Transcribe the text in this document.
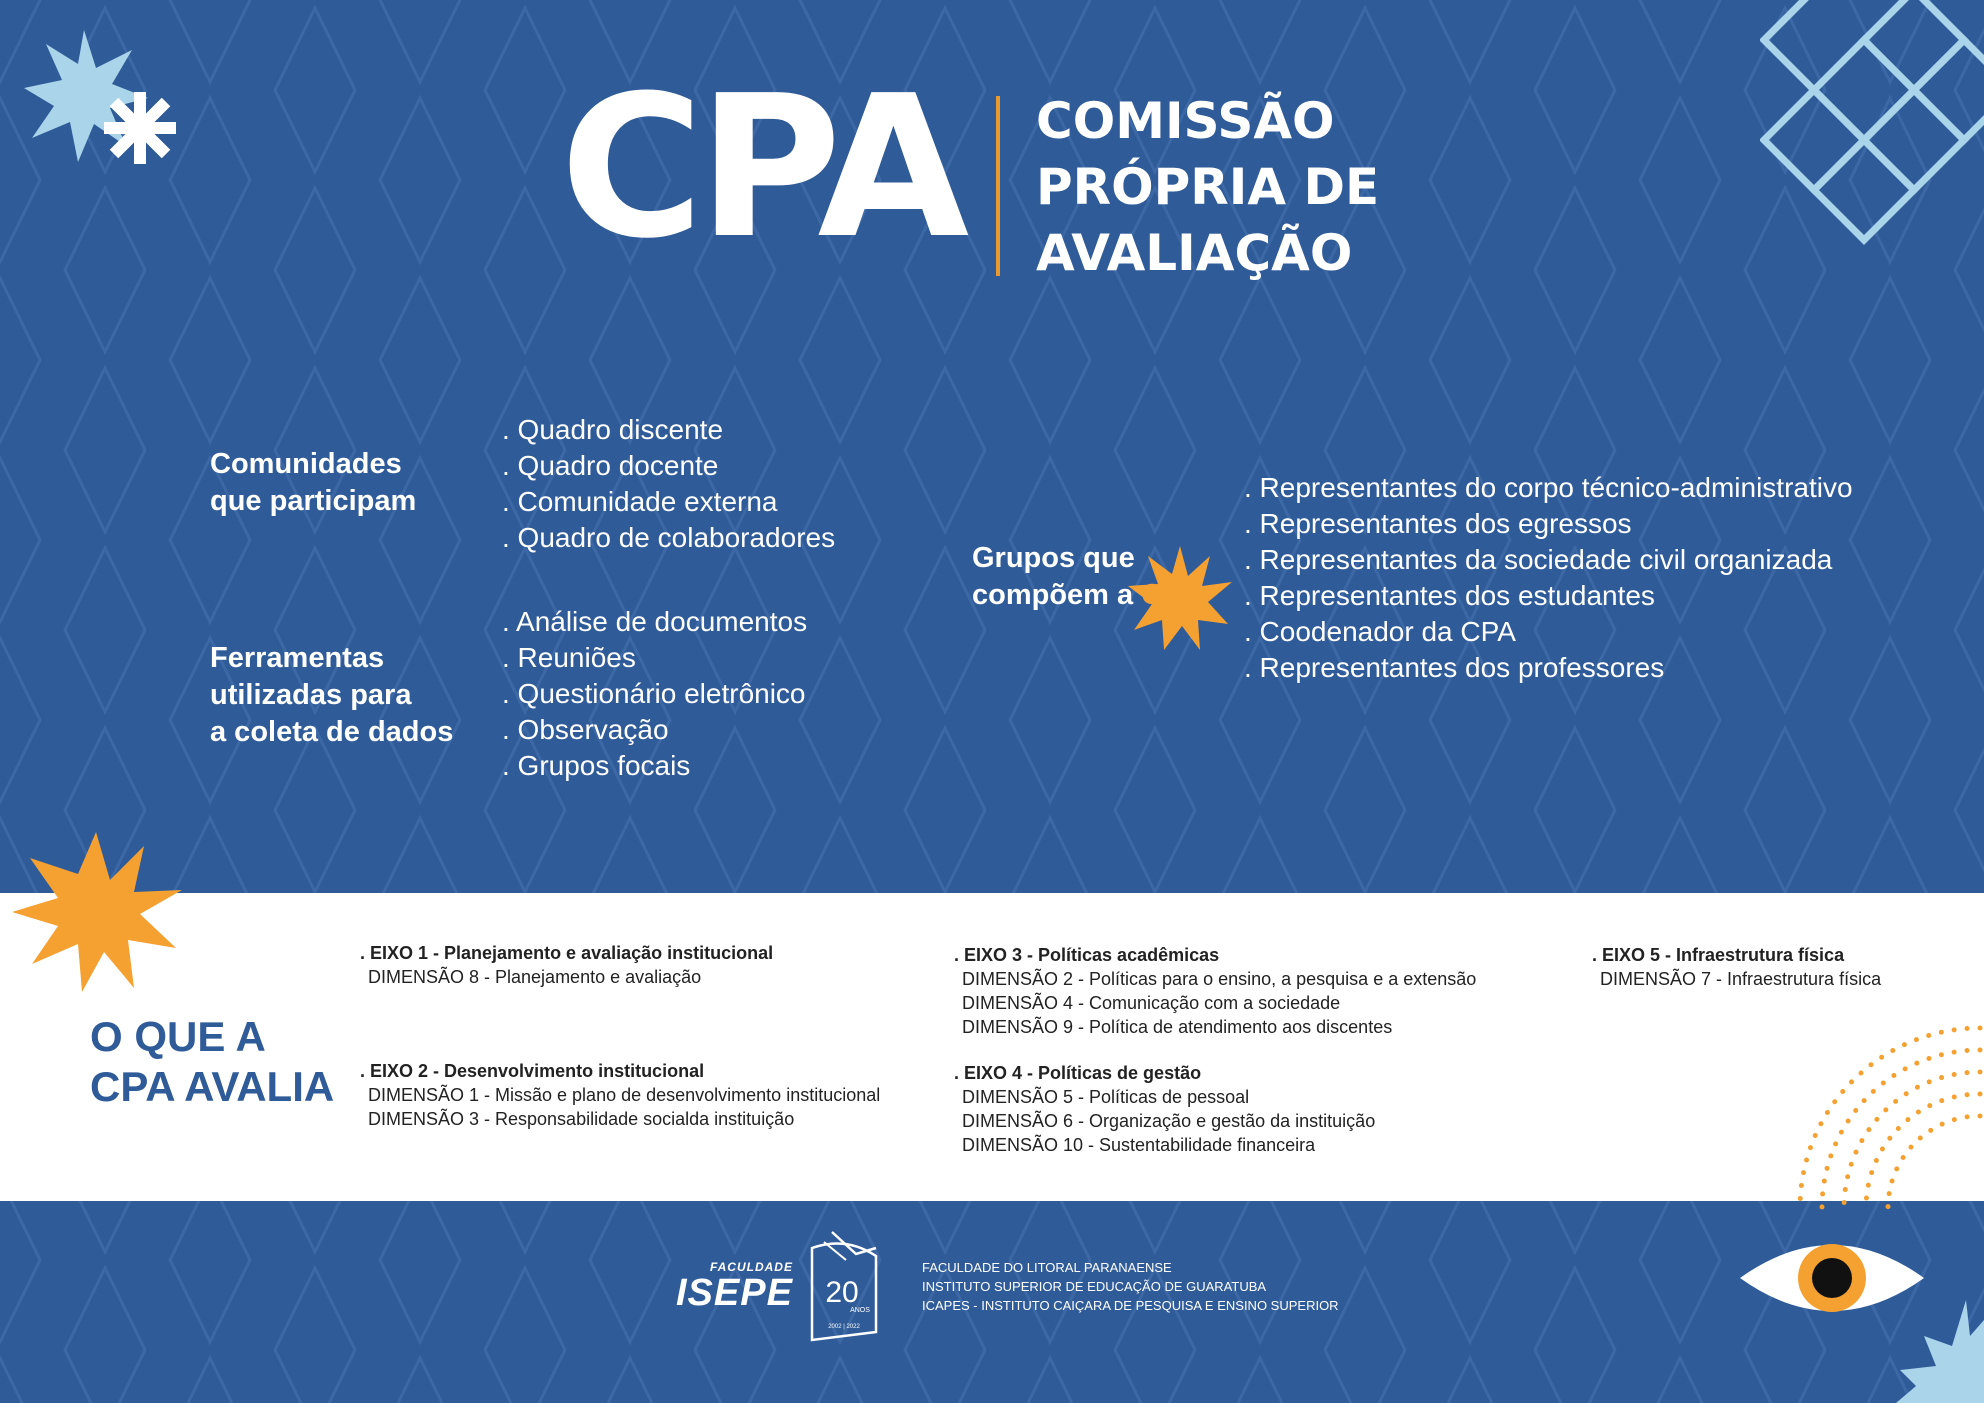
CPA COMISSÃO
PRÓPRIA DE
AVALIAÇÃO
Comunidades
que participam
. Quadro discente
. Quadro docente
. Comunidade externa
. Quadro de colaboradores
Ferramentas
utilizadas para
a coleta de dados
. Análise de documentos
. Reuniões
. Questionário eletrônico
. Observação
. Grupos focais
Grupos que
compõem a CPA
. Representantes do corpo técnico-administrativo
. Representantes dos egressos
. Representantes da sociedade civil organizada
. Representantes dos estudantes
. Coodenador da CPA
. Representantes dos professores
O QUE A
CPA AVALIA
. EIXO 1 - Planejamento e avaliação institucional
DIMENSÃO 8 - Planejamento e avaliação
. EIXO 2 - Desenvolvimento institucional
DIMENSÃO 1 - Missão e plano de desenvolvimento institucional
DIMENSÃO 3 - Responsabilidade socialda instituição
. EIXO 3 - Políticas acadêmicas
DIMENSÃO 2 - Políticas para o ensino, a pesquisa e a extensão
DIMENSÃO 4 - Comunicação com a sociedade
DIMENSÃO 9 - Política de atendimento aos discentes
. EIXO 4 - Políticas de gestão
DIMENSÃO 5 - Políticas de pessoal
DIMENSÃO 6 - Organização e gestão da instituição
DIMENSÃO 10 - Sustentabilidade financeira
. EIXO 5 - Infraestrutura física
DIMENSÃO 7 - Infraestrutura física
FACULDADE
ISEPE 20
ANOS
2002 | 2022
FACULDADE DO LITORAL PARANAENSE
INSTITUTO SUPERIOR DE EDUCAÇÃO DE GUARATUBA
ICAPES - INSTITUTO CAIÇARA DE PESQUISA E ENSINO SUPERIOR
